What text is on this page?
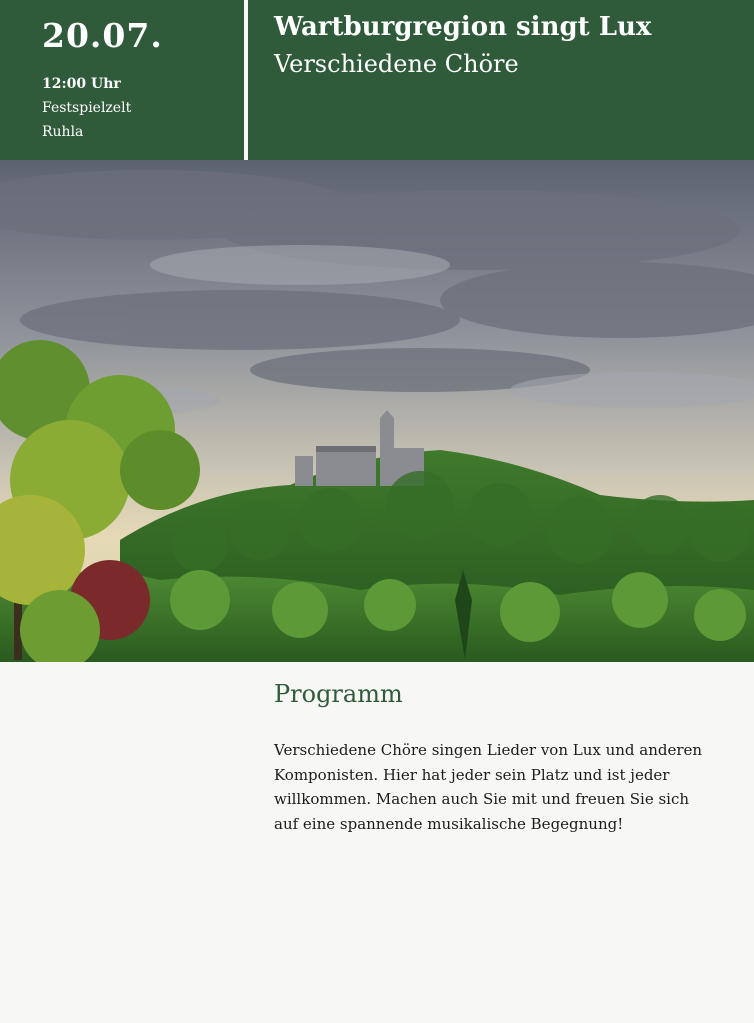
20.07.
12:00 Uhr
Festspielzelt
Ruhla
Wartburgregion singt Lux
Verschiedene Chöre
Programm
Verschiedene Chöre singen Lieder von Lux und anderen Komponisten. Hier hat jeder sein Platz und ist jeder willkommen. Machen auch Sie mit und freuen Sie sich auf eine spannende musikalische Begegnung!
